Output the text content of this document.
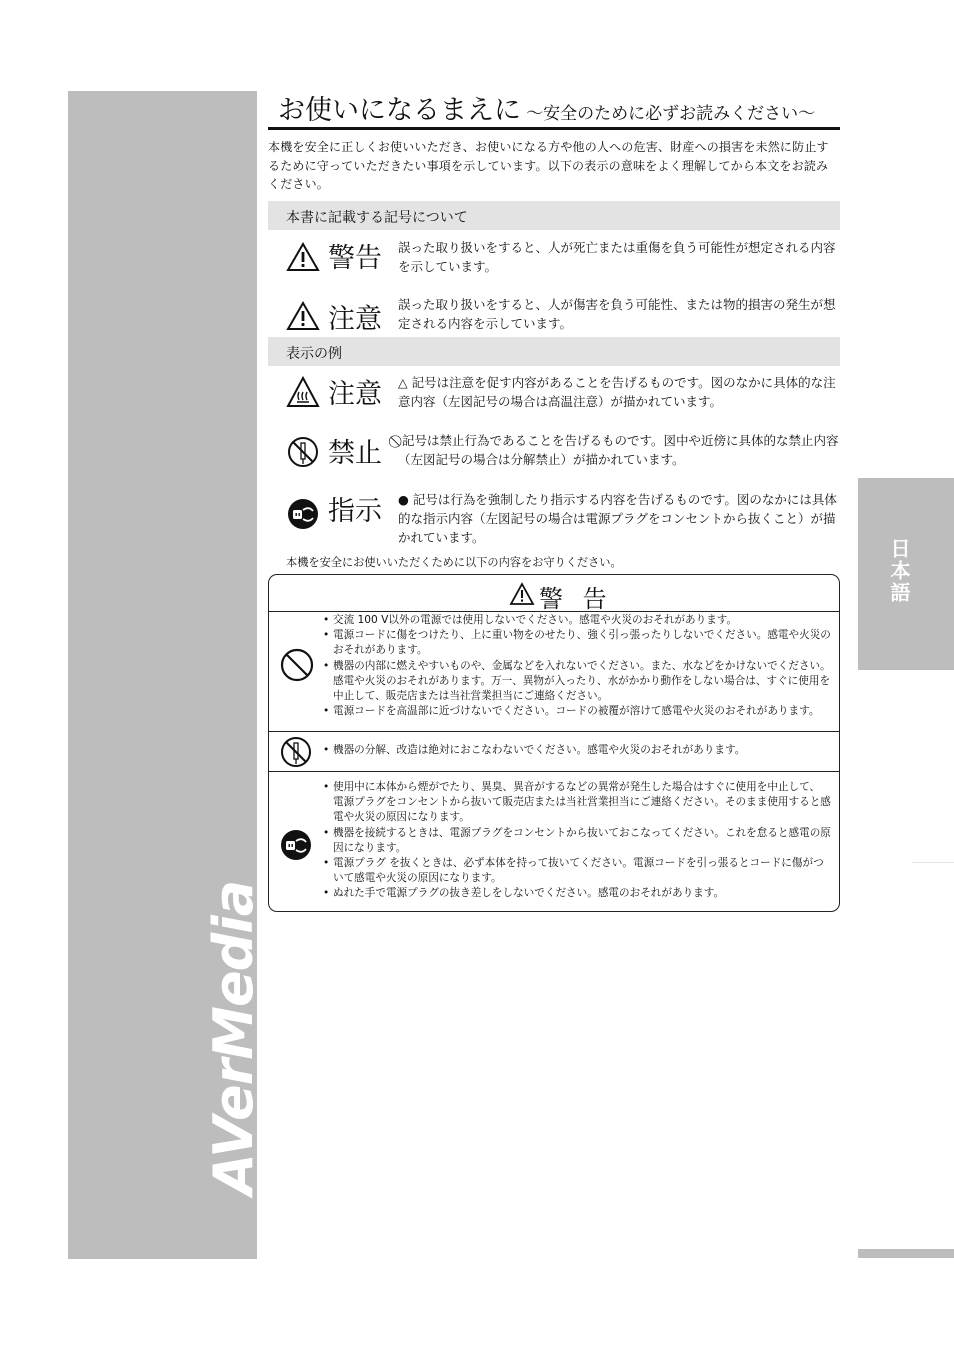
AVerMedia
日本語
お使いになるまえに ～安全のために必ずお読みください～
本機を安全に正しくお使いいただき、お使いになる方や他の人への危害、財産への損害を未然に防止するために守っていただきたい事項を示しています。以下の表示の意味をよく理解してから本文をお読みください。
本書に記載する記号について
警告 誤った取り扱いをすると、人が死亡または重傷を負う可能性が想定される内容を示しています。
注意 誤った取り扱いをすると、人が傷害を負う可能性、または物的損害の発生が想定される内容を示しています。
表示の例
注意 △ 記号は注意を促す内容があることを告げるものです。図のなかに具体的な注意内容（左図記号の場合は高温注意）が描かれています。
禁止 ⃠ 記号は禁止行為であることを告げるものです。図中や近傍に具体的な禁止内容（左図記号の場合は分解禁止）が描かれています。
指示 ● 記号は行為を強制したり指示する内容を告げるものです。図のなかには具体的な指示内容（左図記号の場合は電源プラグをコンセントから抜くこと）が描かれています。
本機を安全にお使いいただくために以下の内容をお守りください。
警 告
• 交流 100 V以外の電源では使用しないでください。感電や火災のおそれがあります。
• 電源コードに傷をつけたり、上に重い物をのせたり、強く引っ張ったりしないでください。感電や火災のおそれがあります。
• 機器の内部に燃えやすいものや、金属などを入れないでください。また、水などをかけないでください。感電や火災のおそれがあります。万一、異物が入ったり、水がかかり動作をしない場合は、すぐに使用を中止して、販売店または当社営業担当にご連絡ください。
• 電源コードを高温部に近づけないでください。コードの被覆が溶けて感電や火災のおそれがあります。
• 機器の分解、改造は絶対におこなわないでください。感電や火災のおそれがあります。
• 使用中に本体から煙がでたり、異臭、異音がするなどの異常が発生した場合はすぐに使用を中止して、 電源プラグをコンセントから抜いて販売店または当社営業担当にご連絡ください。そのまま使用すると感電や火災の原因になります。
• 機器を接続するときは、電源プラグをコンセントから抜いておこなってください。これを怠ると感電の原因になります。
• 電源プラグ を抜くときは、必ず本体を持って抜いてください。電源コードを引っ張るとコードに傷がついて感電や火災の原因になります。
• ぬれた手で電源プラグの抜き差しをしないでください。感電のおそれがあります。
